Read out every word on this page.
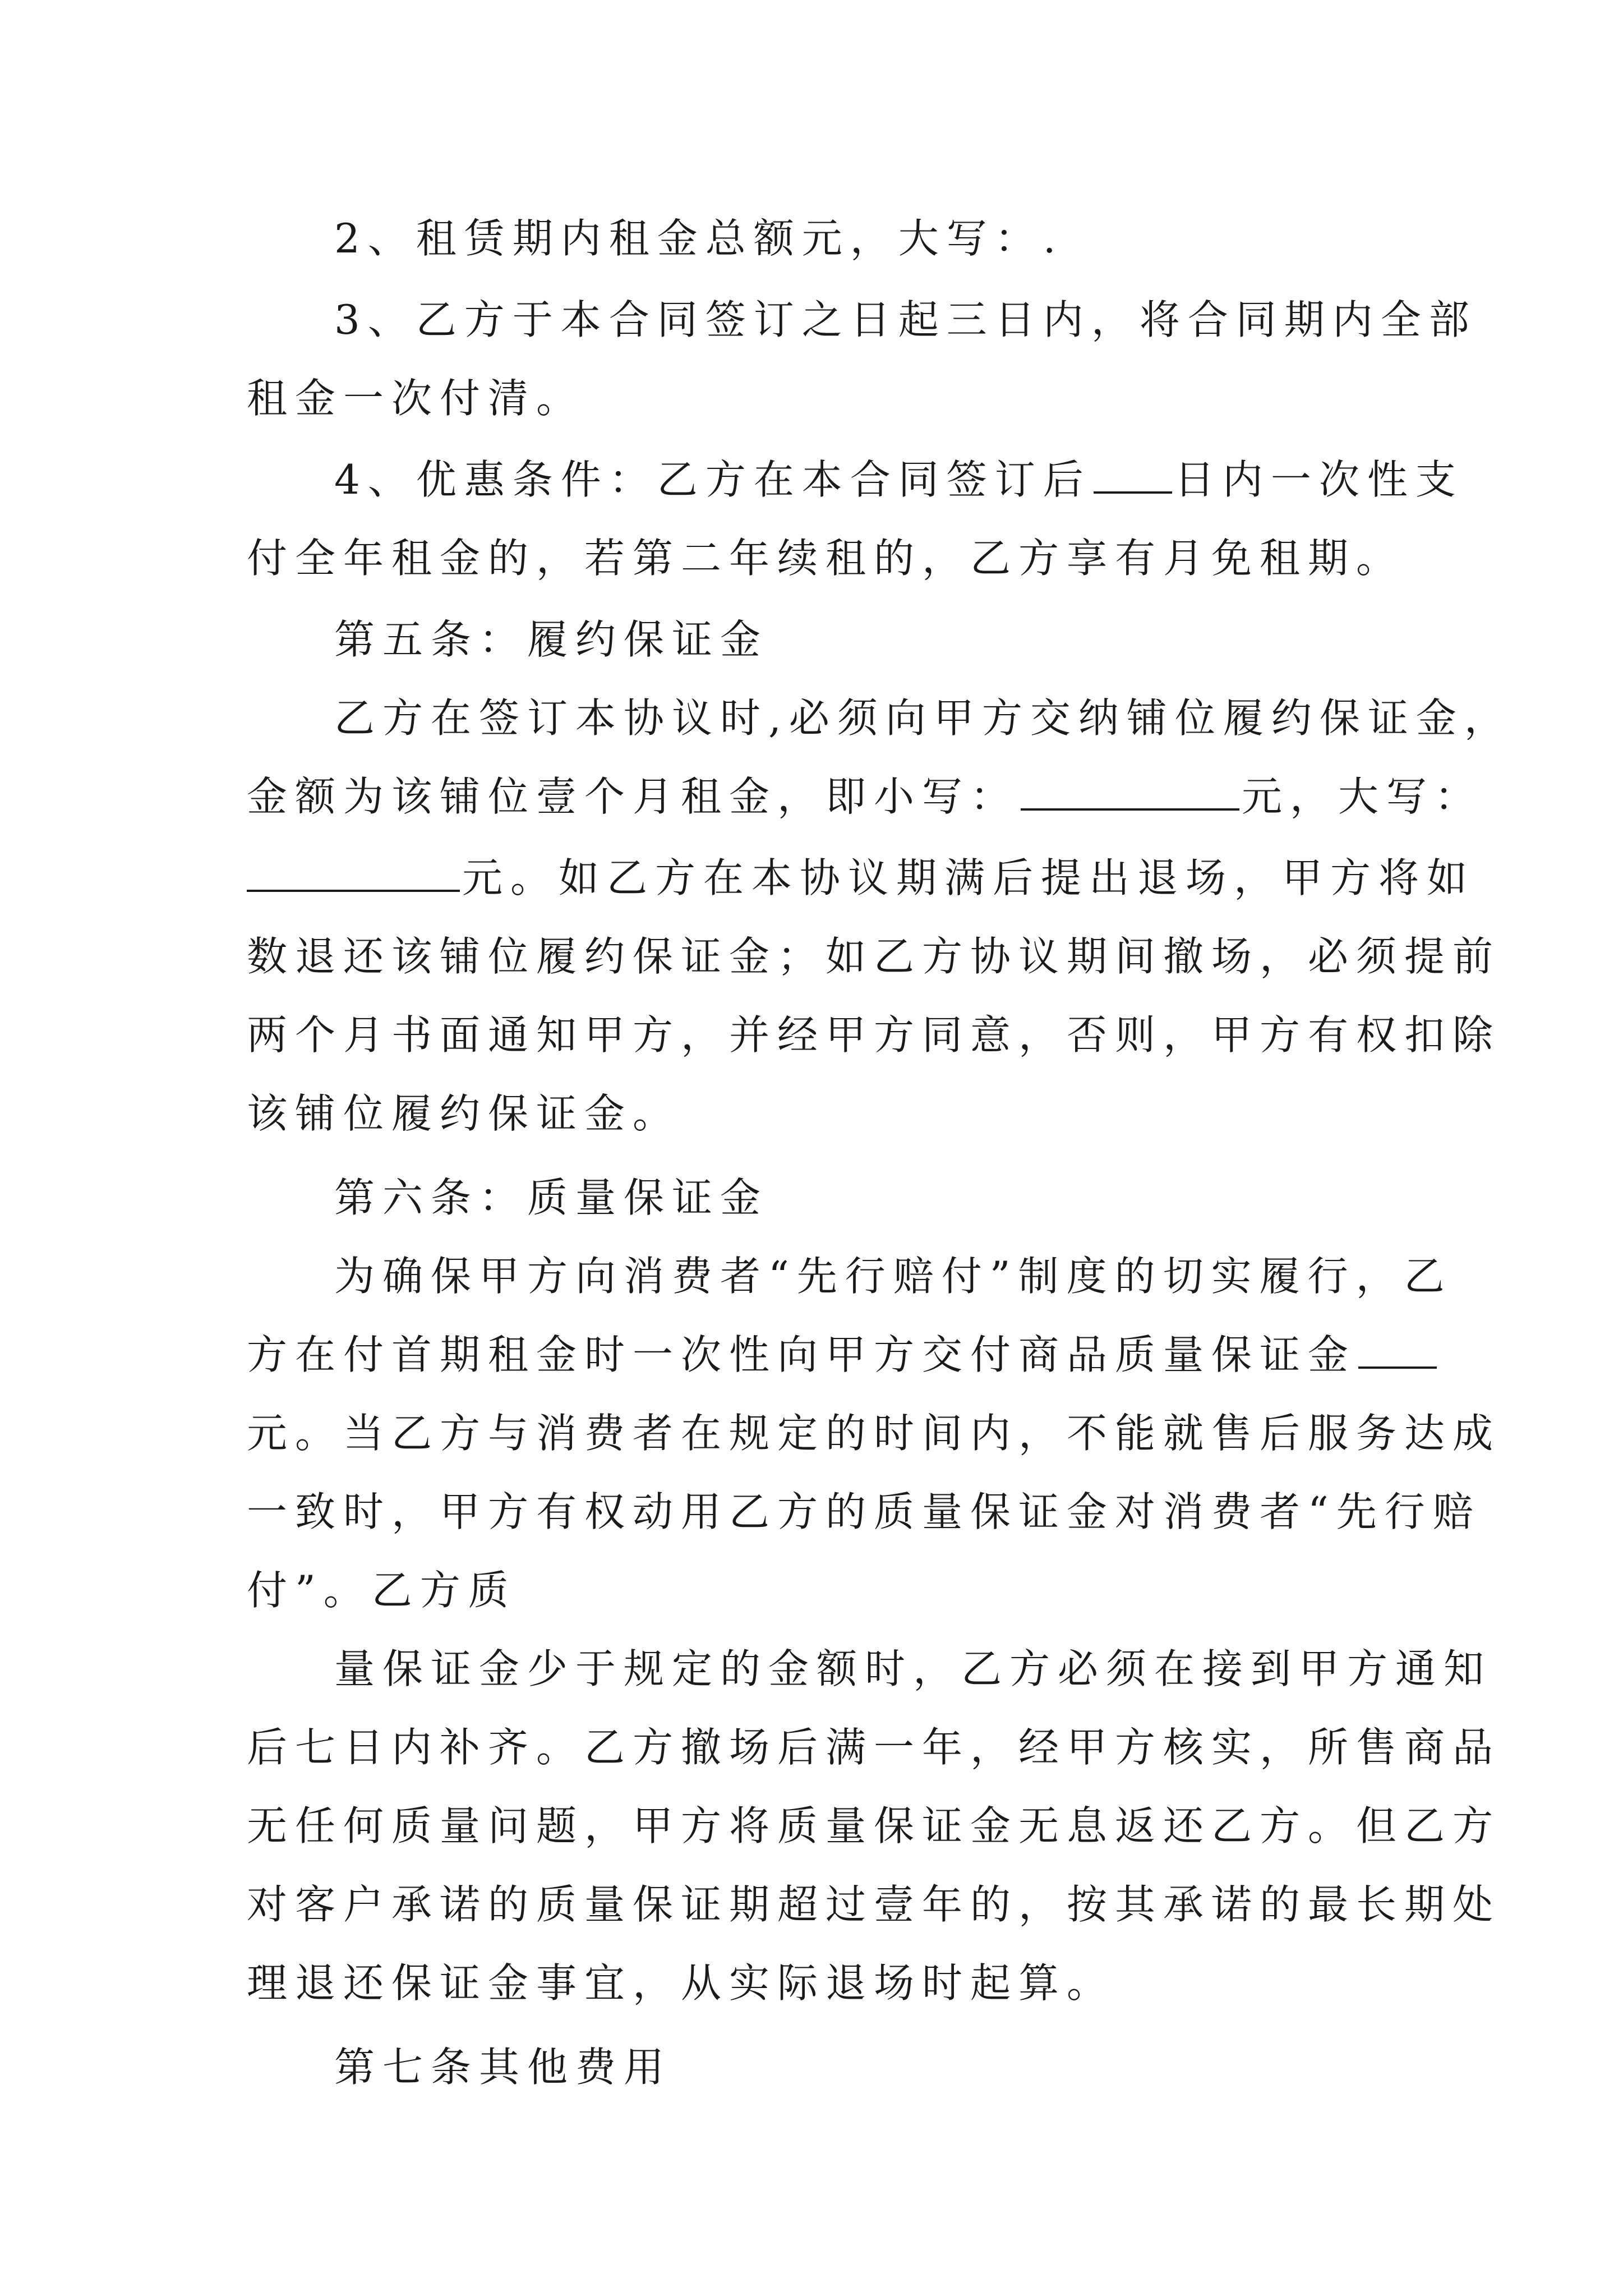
2、租赁期内租金总额元，大写：.
3、乙方于本合同签订之日起三日内，将合同期内全部
租金一次付清。
4、优惠条件：乙方在本合同签订后 日内一次性支
付全年租金的，若第二年续租的，乙方享有月免租期。
第五条：履约保证金
乙方在签订本协议时,必须向甲方交纳铺位履约保证金，
金额为该铺位壹个月租金，即小写：	元，大写：
元。如乙方在本协议期满后提出退场，甲方将如
数退还该铺位履约保证金；如乙方协议期间撤场，必须提前
两个月书面通知甲方，并经甲方同意，否则，甲方有权扣除
该铺位履约保证金。
第六条：质量保证金
为确保甲方向消费者“先行赔付”制度的切实履行，乙
方在付首期租金时一次性向甲方交付商品质量保证金
元。当乙方与消费者在规定的时间内，不能就售后服务达成
一致时，甲方有权动用乙方的质量保证金对消费者“先行赔
付”。乙方质
量保证金少于规定的金额时，乙方必须在接到甲方通知
后七日内补齐。乙方撤场后满一年，经甲方核实，所售商品
无任何质量问题，甲方将质量保证金无息返还乙方。但乙方
对客户承诺的质量保证期超过壹年的，按其承诺的最长期处
理退还保证金事宜，从实际退场时起算。
第七条其他费用
